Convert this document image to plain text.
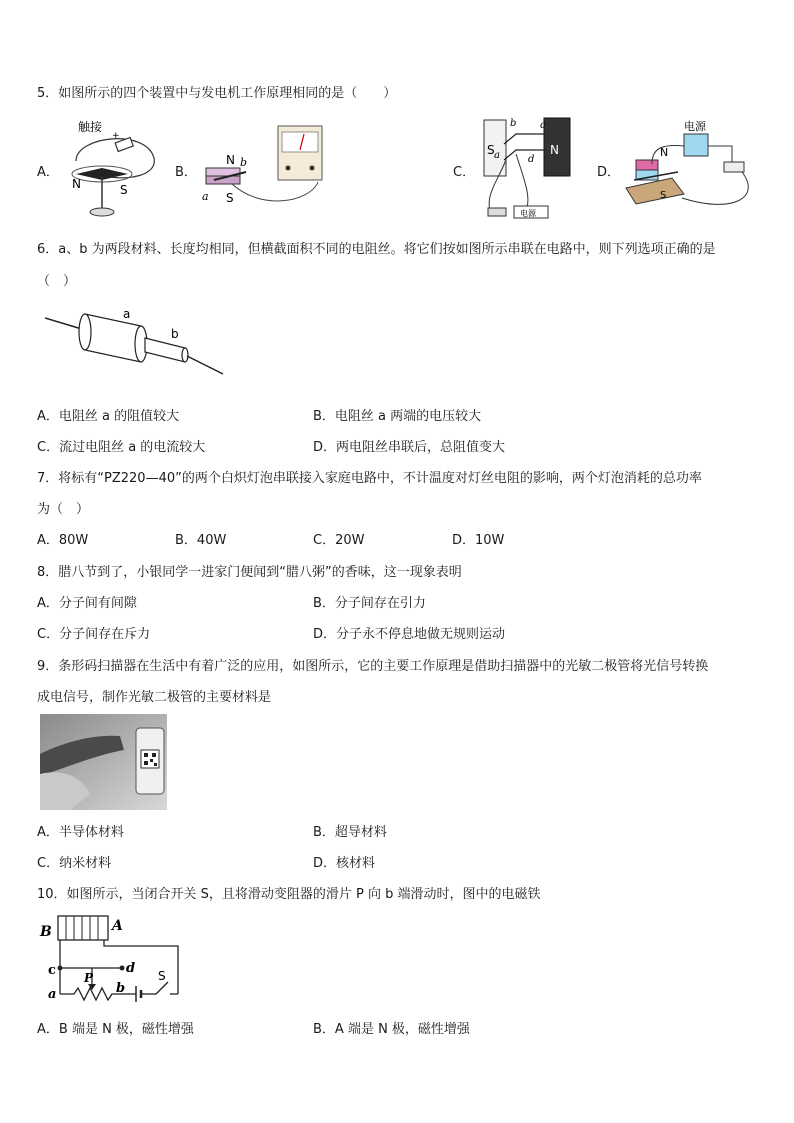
5．如图所示的四个装置中与发电机工作原理相同的是（　　）
A．
触接
+
N	S
B．
N b
a S
C．
S	N
a
b c
d
电源
D．
电源
N
S
6．a、b 为两段材料、长度均相同，但横截面积不同的电阻丝。将它们按如图所示串联在电路中，则下列选项正确的是
（　）
a
b
A．电阻丝 a 的阻值较大	B．电阻丝 a 两端的电压较大
C．流过电阻丝 a 的电流较大	D．两电阻丝串联后，总阻值变大
7．将标有“PZ220—40”的两个白炽灯泡串联接入家庭电路中，不计温度对灯丝电阻的影响，两个灯泡消耗的总功率
为（　）
A．80W	B．40W	C．20W	D．10W
8．腊八节到了，小银同学一进家门便闻到“腊八粥”的香味，这一现象表明
A．分子间有间隙	B．分子间存在引力
C．分子间存在斥力	D．分子永不停息地做无规则运动
9．条形码扫描器在生活中有着广泛的应用，如图所示，它的主要工作原理是借助扫描器中的光敏二极管将光信号转换
成电信号，制作光敏二极管的主要材料是
A．半导体材料	B．超导材料
C．纳米材料	D．核材料
10．如图所示，当闭合开关 S，且将滑动变阻器的滑片 P 向 b 端滑动时，图中的电磁铁
B	A
c	d
P
a	b
S
A．B 端是 N 极，磁性增强	B．A 端是 N 极，磁性增强
